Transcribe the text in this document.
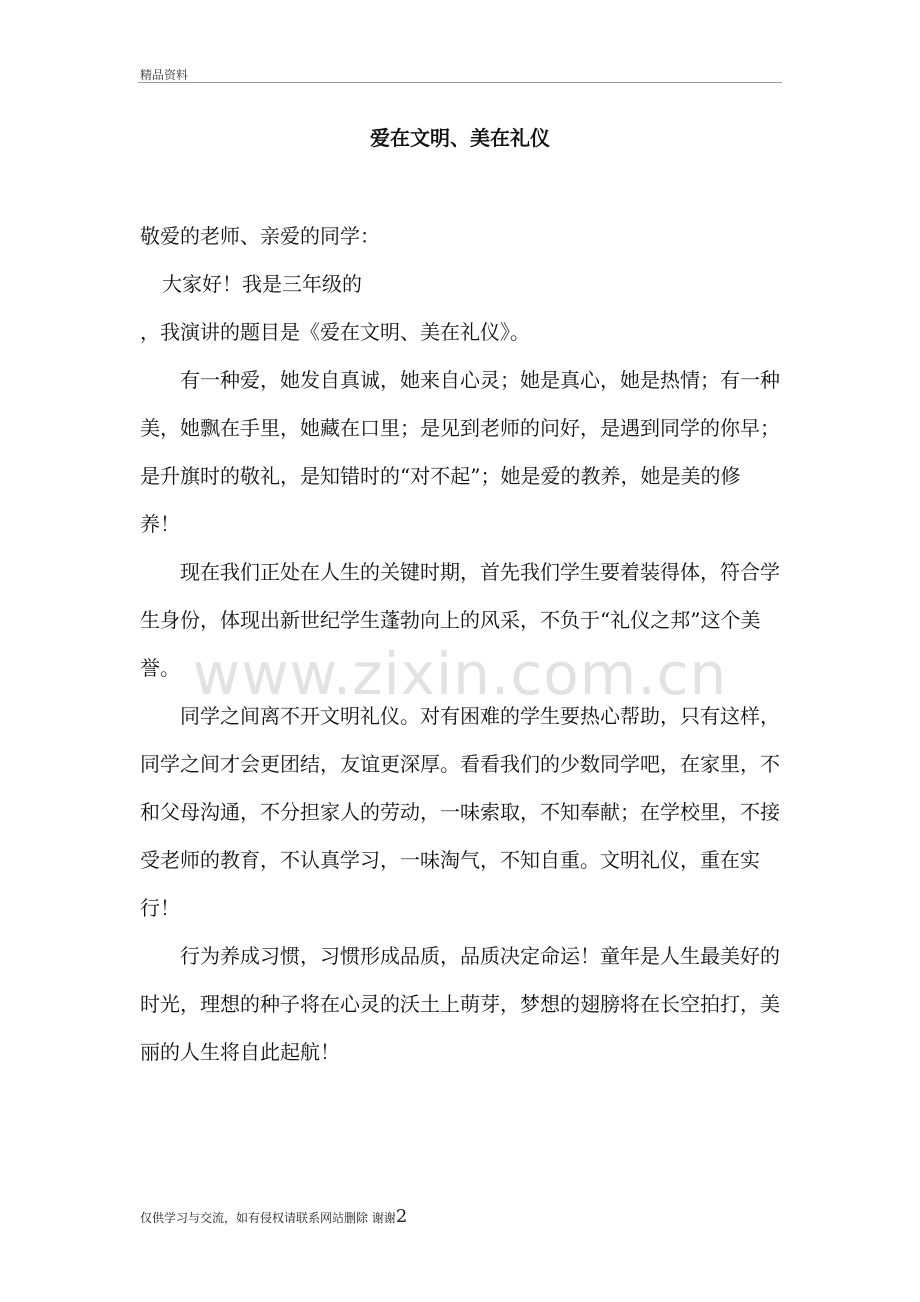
精品资料
爱在文明、美在礼仪

敬爱的老师、亲爱的同学：

大家好！我是三年级的

，我演讲的题目是《爱在文明、美在礼仪》。

有一种爱，她发自真诚，她来自心灵；她是真心，她是热情；有一种美，她飘在手里，她藏在口里；是见到老师的问好，是遇到同学的你早；是升旗时的敬礼，是知错时的“对不起”；她是爱的教养，她是美的修养！

现在我们正处在人生的关键时期，首先我们学生要着装得体，符合学生身份，体现出新世纪学生蓬勃向上的风采，不负于“礼仪之邦”这个美誉。

同学之间离不开文明礼仪。对有困难的学生要热心帮助，只有这样，同学之间才会更团结，友谊更深厚。看看我们的少数同学吧，在家里，不和父母沟通，不分担家人的劳动，一味索取，不知奉献；在学校里，不接受老师的教育，不认真学习，一味淘气，不知自重。文明礼仪，重在实行！

行为养成习惯，习惯形成品质，品质决定命运！童年是人生最美好的时光，理想的种子将在心灵的沃土上萌芽，梦想的翅膀将在长空拍打，美丽的人生将自此起航！

www.zixin.com.cn
仅供学习与交流，如有侵权请联系网站删除 谢谢2
